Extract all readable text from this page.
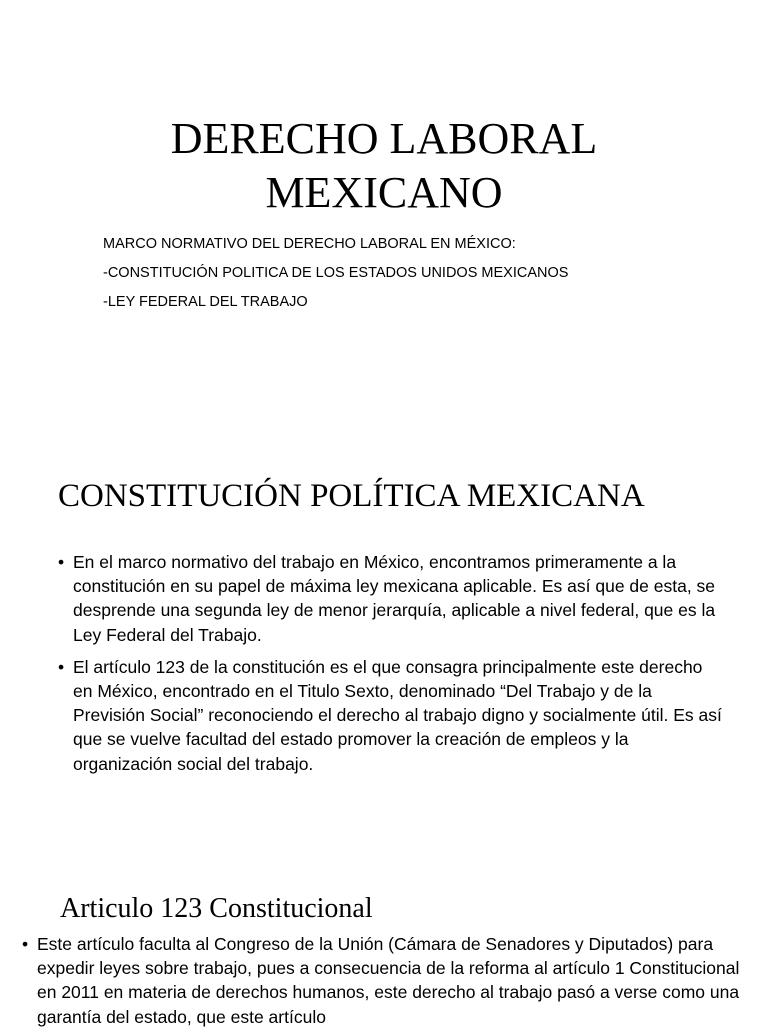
DERECHO LABORAL
MEXICANO
MARCO NORMATIVO DEL DERECHO LABORAL EN MÉXICO:
-CONSTITUCIÓN POLITICA DE LOS ESTADOS UNIDOS MEXICANOS
-LEY FEDERAL DEL TRABAJO
CONSTITUCIÓN POLÍTICA MEXICANA
• En el marco normativo del trabajo en México, encontramos primeramente a la constitución en su papel de máxima ley mexicana aplicable. Es así que de esta, se desprende una segunda ley de menor jerarquía, aplicable a nivel federal, que es la Ley Federal del Trabajo.
• El artículo 123 de la constitución es el que consagra principalmente este derecho en México, encontrado en el Titulo Sexto, denominado “Del Trabajo y de la Previsión Social” reconociendo el derecho al trabajo digno y socialmente útil. Es así que se vuelve facultad del estado promover la creación de empleos y la organización social del trabajo.
Articulo 123 Constitucional
• Este artículo faculta al Congreso de la Unión (Cámara de Senadores y Diputados) para expedir leyes sobre trabajo, pues a consecuencia de la reforma al artículo 1 Constitucional en 2011 en materia de derechos humanos, este derecho al trabajo pasó a verse como una garantía del estado, que este artículo
